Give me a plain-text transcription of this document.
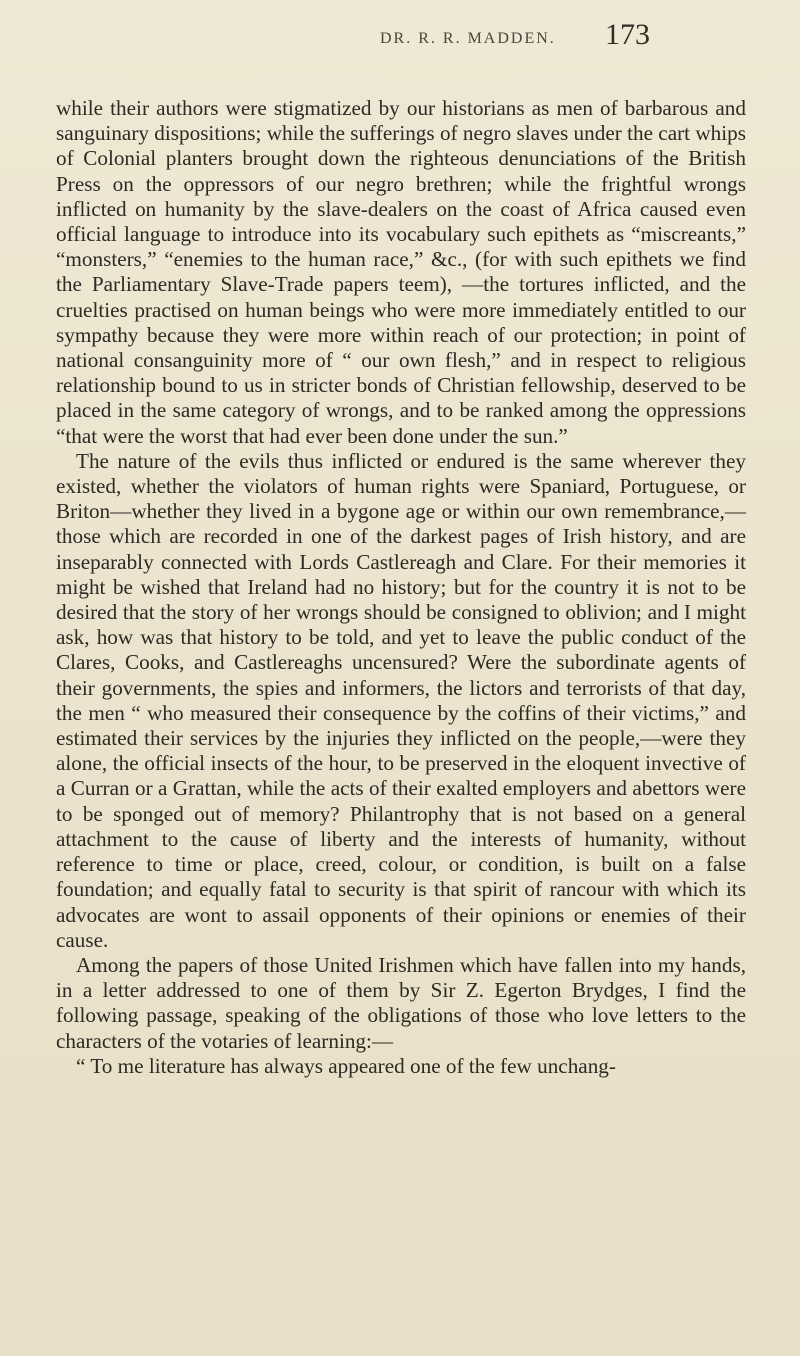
DR. R. R. MADDEN. 173

while their authors were stigmatized by our historians as men of barbarous and sanguinary dispositions; while the sufferings of negro slaves under the cart whips of Colonial planters brought down the righteous denunciations of the British Press on the oppressors of our negro brethren; while the frightful wrongs inflicted on humanity by the slave-dealers on the coast of Africa caused even official language to introduce into its vocabulary such epithets as “miscreants,” “monsters,” “enemies to the human race,” &c., (for with such epithets we find the Parliamentary Slave-Trade papers teem), —the tortures inflicted, and the cruelties practised on human beings who were more immediately entitled to our sympathy because they were more within reach of our protection; in point of national consanguinity more of “ our own flesh,” and in respect to religious relationship bound to us in stricter bonds of Christian fellowship, deserved to be placed in the same category of wrongs, and to be ranked among the oppressions “that were the worst that had ever been done under the sun.”

The nature of the evils thus inflicted or endured is the same wherever they existed, whether the violators of human rights were Spaniard, Portuguese, or Briton—whether they lived in a bygone age or within our own remembrance,—those which are recorded in one of the darkest pages of Irish history, and are inseparably connected with Lords Castlereagh and Clare. For their memories it might be wished that Ireland had no history; but for the country it is not to be desired that the story of her wrongs should be consigned to oblivion; and I might ask, how was that history to be told, and yet to leave the public conduct of the Clares, Cooks, and Castlereaghs uncensured? Were the subordinate agents of their governments, the spies and informers, the lictors and terrorists of that day, the men “ who measured their consequence by the coffins of their victims,” and estimated their services by the injuries they inflicted on the people,—were they alone, the official insects of the hour, to be preserved in the eloquent invective of a Curran or a Grattan, while the acts of their exalted employers and abettors were to be sponged out of memory? Philantrophy that is not based on a general attachment to the cause of liberty and the interests of humanity, without reference to time or place, creed, colour, or condition, is built on a false foundation; and equally fatal to security is that spirit of rancour with which its advocates are wont to assail opponents of their opinions or enemies of their cause.

Among the papers of those United Irishmen which have fallen into my hands, in a letter addressed to one of them by Sir Z. Egerton Brydges, I find the following passage, speaking of the obligations of those who love letters to the characters of the votaries of learning:—

“ To me literature has always appeared one of the few unchang-
